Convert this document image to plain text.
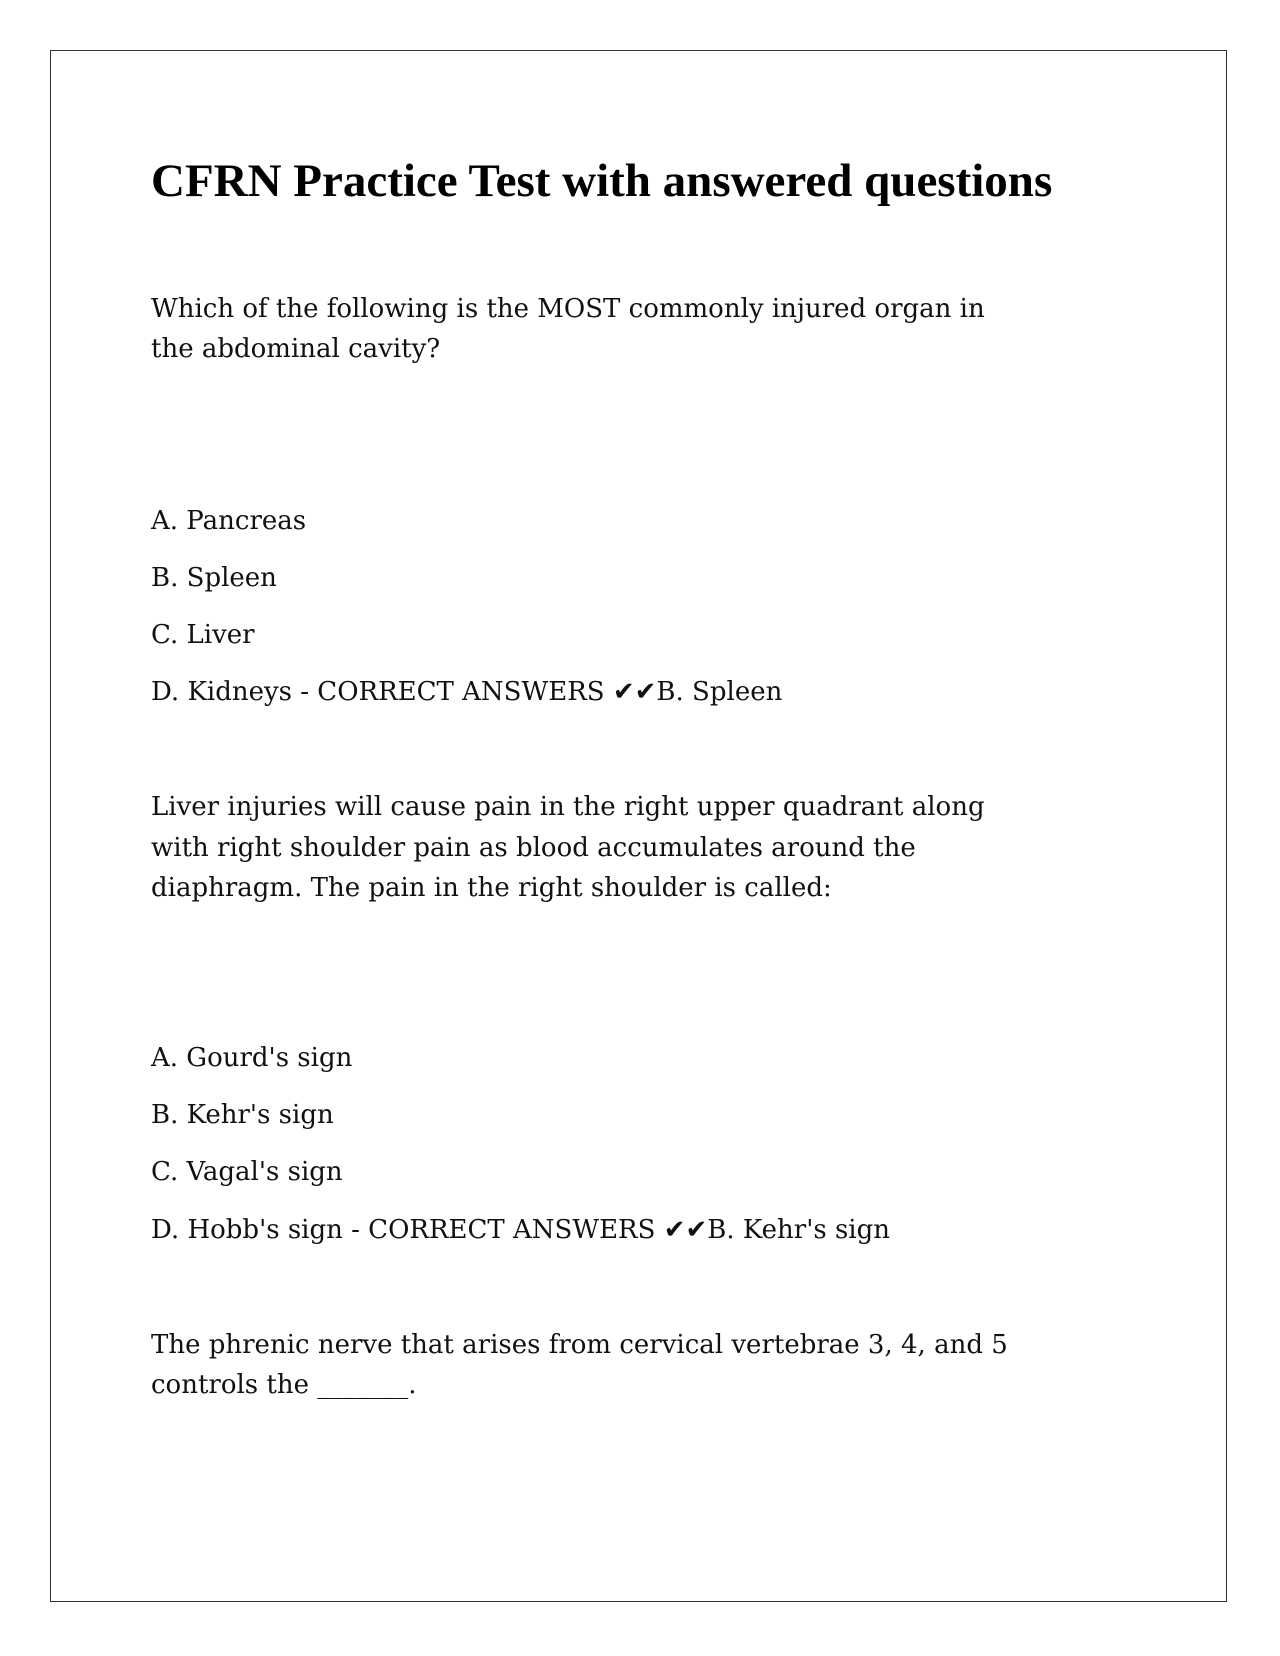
CFRN Practice Test with answered questions
Which of the following is the MOST commonly injured organ in
the abdominal cavity?
A. Pancreas
B. Spleen
C. Liver
D. Kidneys - CORRECT ANSWERS ✔✔B. Spleen
Liver injuries will cause pain in the right upper quadrant along
with right shoulder pain as blood accumulates around the
diaphragm. The pain in the right shoulder is called:
A. Gourd's sign
B. Kehr's sign
C. Vagal's sign
D. Hobb's sign - CORRECT ANSWERS ✔✔B. Kehr's sign
The phrenic nerve that arises from cervical vertebrae 3, 4, and 5
controls the _______.
